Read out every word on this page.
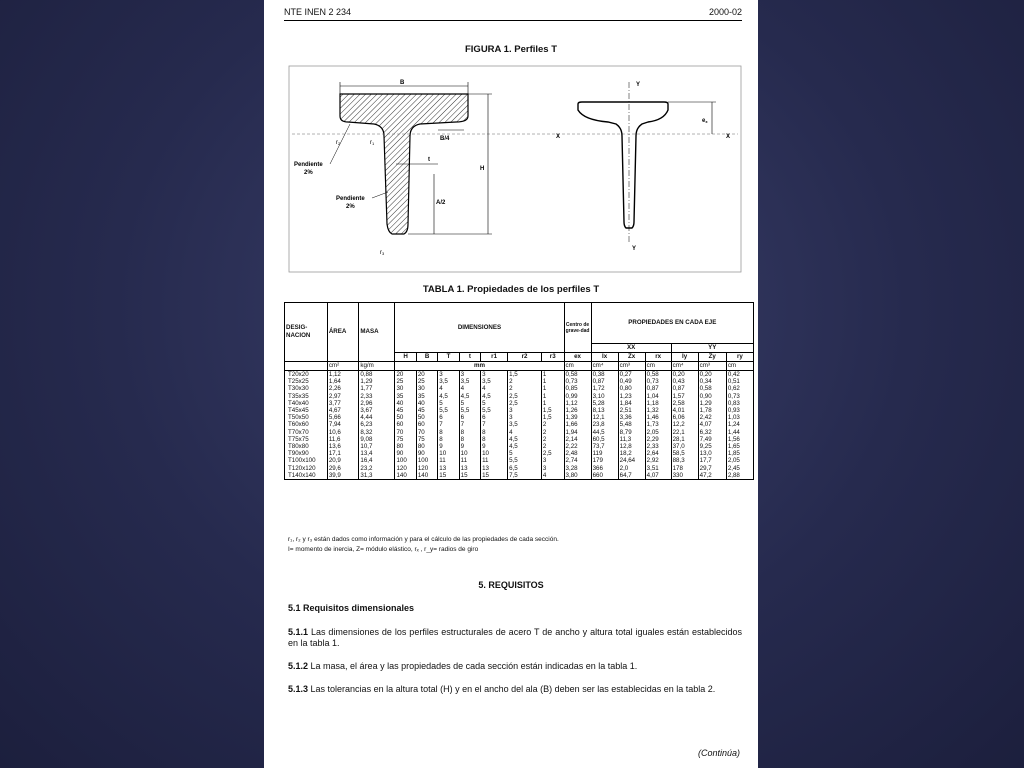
NTE INEN 2 234	2000-02
FIGURA 1. Perfiles T
B
B/4
H
t
A/2
r2	r1
r3
Pendiente
2%
Pendiente
2%
Y
Y
X	X
ex
TABLA 1. Propiedades de los perfiles T
DESIG-NACION	ÁREA	MASA	DIMENSIONES							Centro de grave-dad	PROPIEDADES EN CADA EJE					
											XX			YY		
			H	B	T	t	r1	r2	r3	ex	Ix	Zx	rx	Iy	Zy	ry
	cm²	kg/m	mm							cm	cm⁴	cm³	cm	cm⁴	cm³	cm
T20x20	1,12	0,88	20	20	3	3	3	1,5	1	0,58	0,38	0,27	0,58	0,20	0,20	0,42
T25x25	1,64	1,29	25	25	3,5	3,5	3,5	2	1	0,73	0,87	0,49	0,73	0,43	0,34	0,51
T30x30	2,26	1,77	30	30	4	4	4	2	1	0,85	1,72	0,80	0,87	0,87	0,58	0,62
T35x35	2,97	2,33	35	35	4,5	4,5	4,5	2,5	1	0,99	3,10	1,23	1,04	1,57	0,90	0,73
T40x40	3,77	2,96	40	40	5	5	5	2,5	1	1,12	5,28	1,84	1,18	2,58	1,29	0,83
T45x45	4,67	3,67	45	45	5,5	5,5	5,5	3	1,5	1,26	8,13	2,51	1,32	4,01	1,78	0,93
T50x50	5,66	4,44	50	50	6	6	6	3	1,5	1,39	12,1	3,36	1,46	6,06	2,42	1,03
T60x60	7,94	6,23	60	60	7	7	7	3,5	2	1,66	23,8	5,48	1,73	12,2	4,07	1,24
T70x70	10,6	8,32	70	70	8	8	8	4	2	1,94	44,5	8,79	2,05	22,1	6,32	1,44
T75x75	11,6	9,08	75	75	8	8	8	4,5	2	2,14	60,5	11,3	2,29	28,1	7,49	1,56
T80x80	13,6	10,7	80	80	9	9	9	4,5	2	2,22	73,7	12,8	2,33	37,0	9,25	1,65
T90x90	17,1	13,4	90	90	10	10	10	5	2,5	2,48	119	18,2	2,64	58,5	13,0	1,85
T100x100	20,9	16,4	100	100	11	11	11	5,5	3	2,74	179	24,64	2,92	88,3	17,7	2,05
T120x120	29,6	23,2	120	120	13	13	13	6,5	3	3,28	366	2,0	3,51	178	29,7	2,45
T140x140	39,9	31,3	140	140	15	15	15	7,5	4	3,80	660	64,7	4,07	330	47,2	2,88
r₁, r₂ y r₃ están dados como información y para el cálculo de las propiedades de cada sección.
I= momento de inercia, Z= módulo elástico, rₓ , r_y= radios de giro
5. REQUISITOS
5.1 Requisitos dimensionales
5.1.1 Las dimensiones de los perfiles estructurales de acero T de ancho y altura total iguales están establecidos en la tabla 1.
5.1.2 La masa, el área y las propiedades de cada sección están indicadas en la tabla 1.
5.1.3 Las tolerancias en la altura total (H) y en el ancho del ala (B) deben ser las establecidas en la tabla 2.
(Continúa)
